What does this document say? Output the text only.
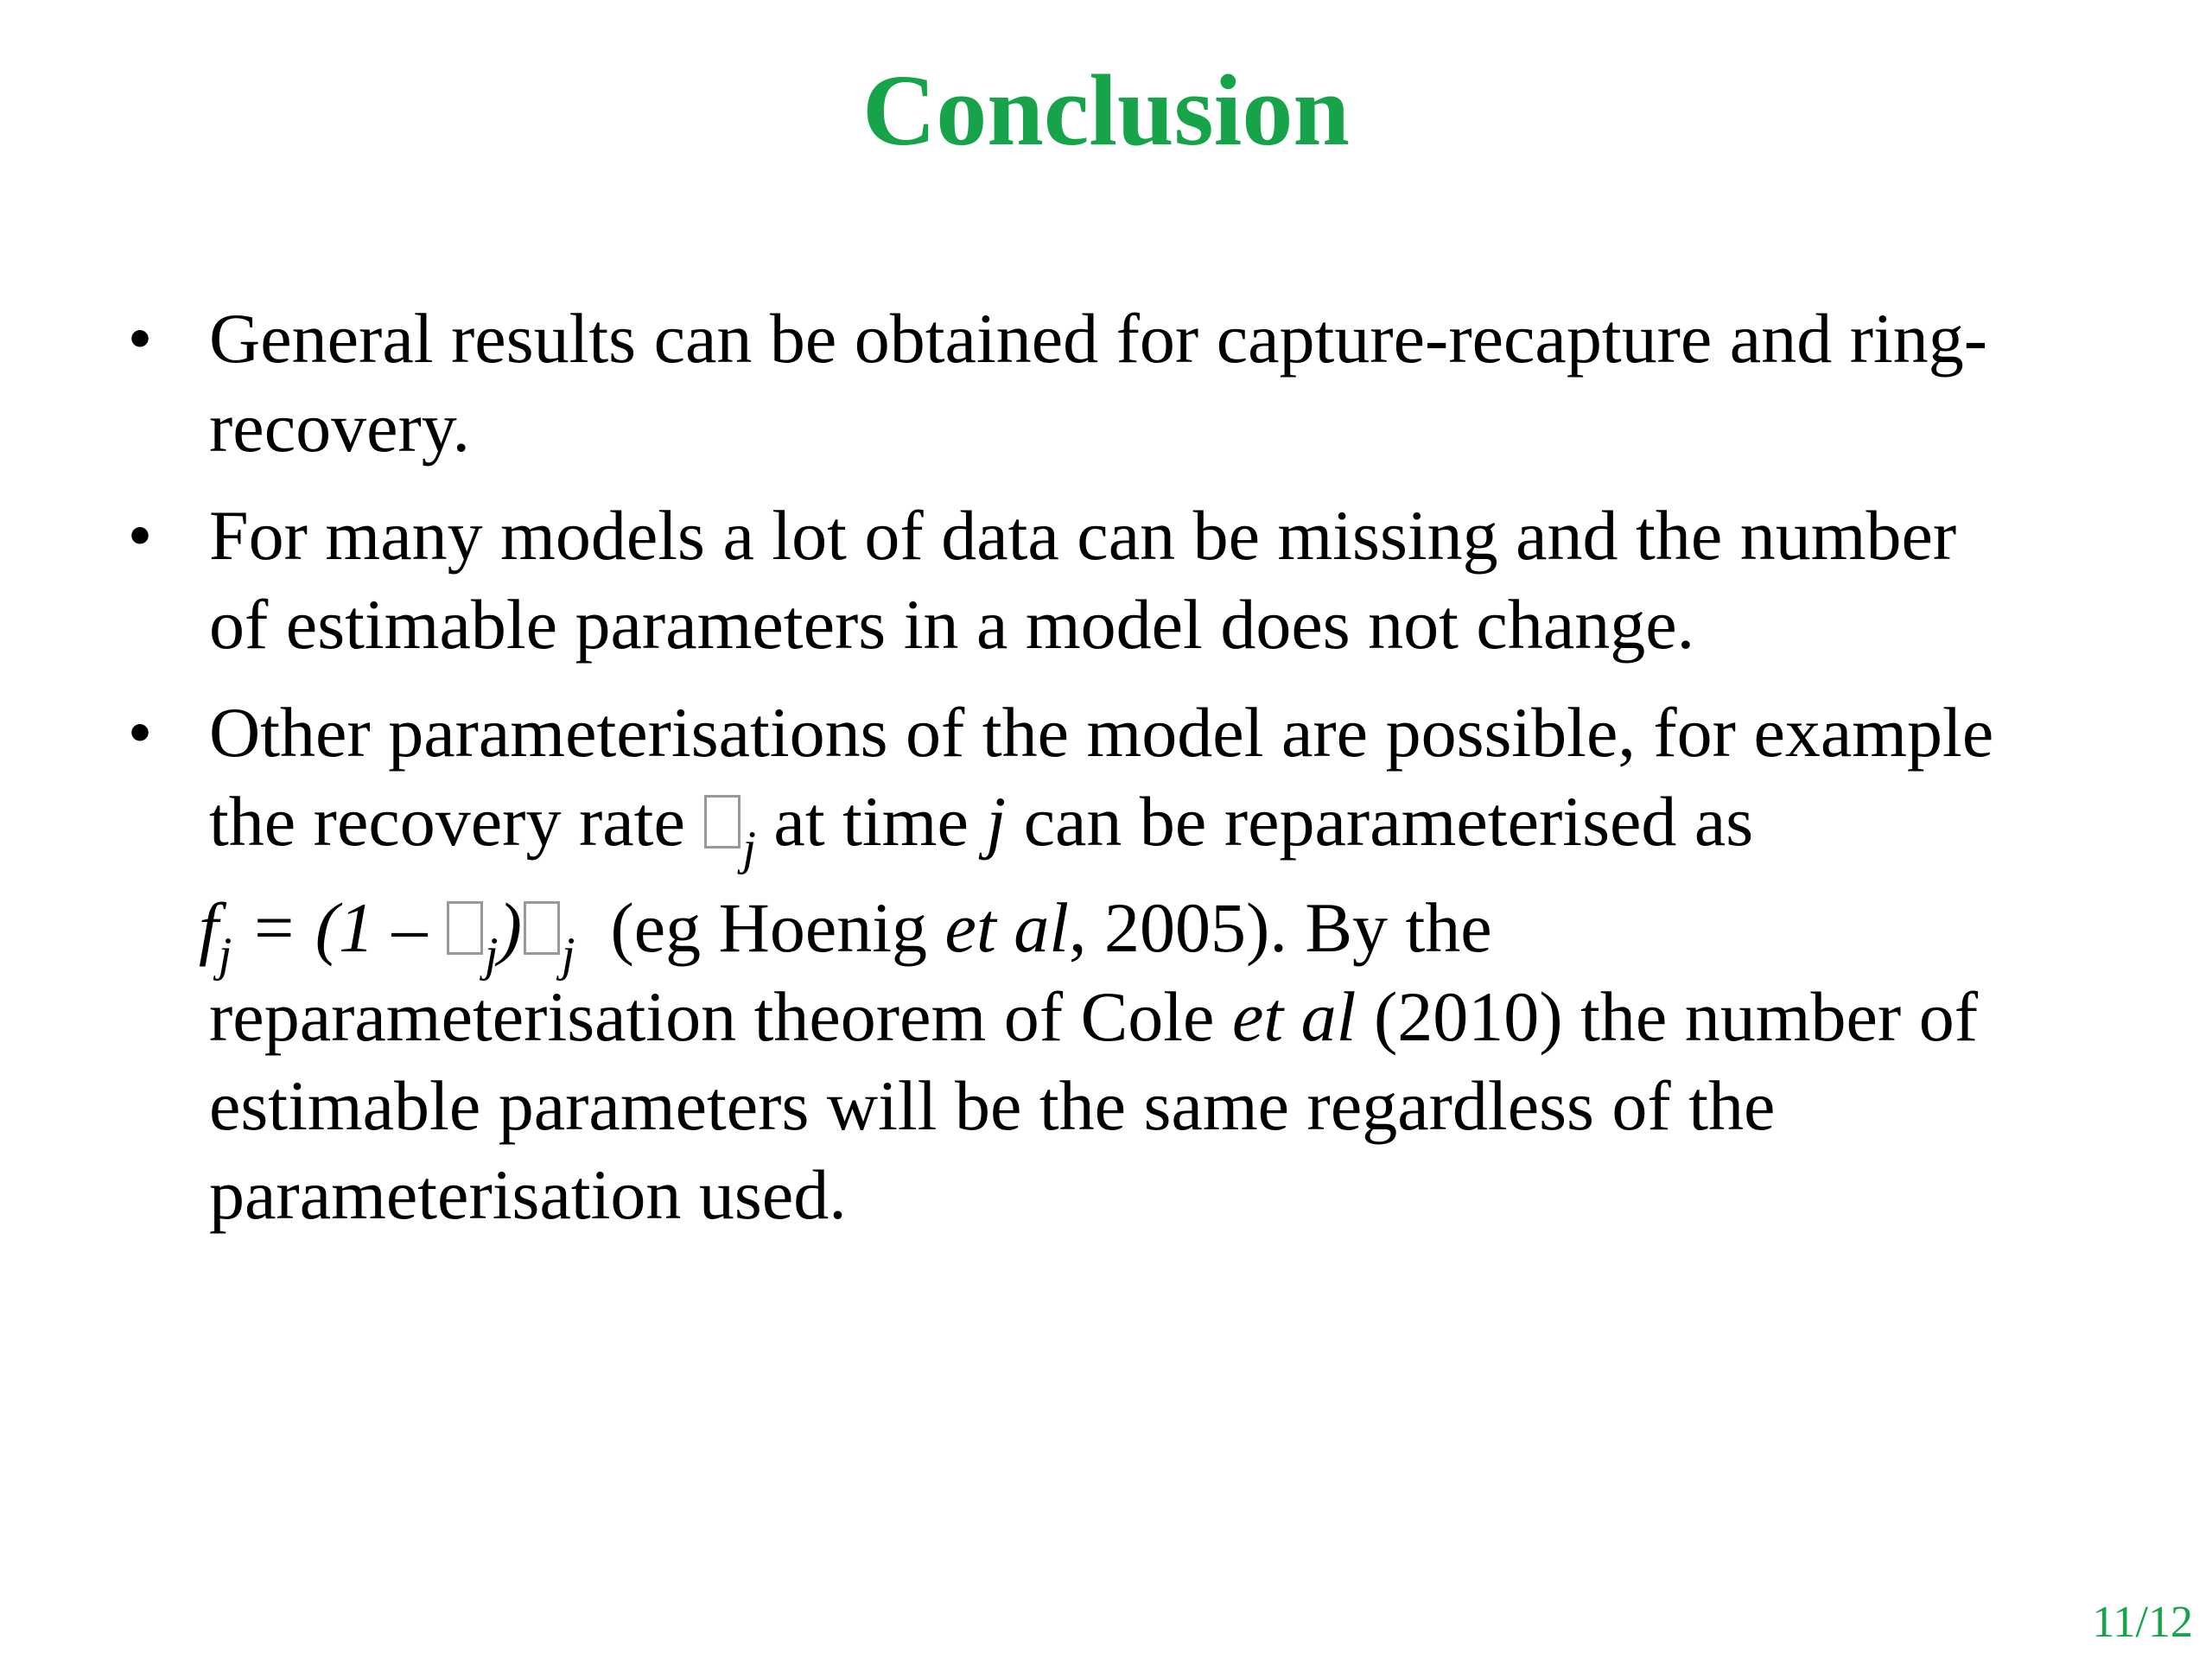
Conclusion
• General results can be obtained for capture-recapture and ring-
recovery.
• For many models a lot of data can be missing and the number
of estimable parameters in a model does not change.
• Other parameterisations of the model are possible, for example
the recovery rate $_j$ at time j can be reparameterised as
$f_j = (1 - _j)$ $_j$ (eg Hoenig et al, 2005). By the
reparameterisation theorem of Cole et al (2010) the number of
estimable parameters will be the same regardless of the
parameterisation used.
11/12
